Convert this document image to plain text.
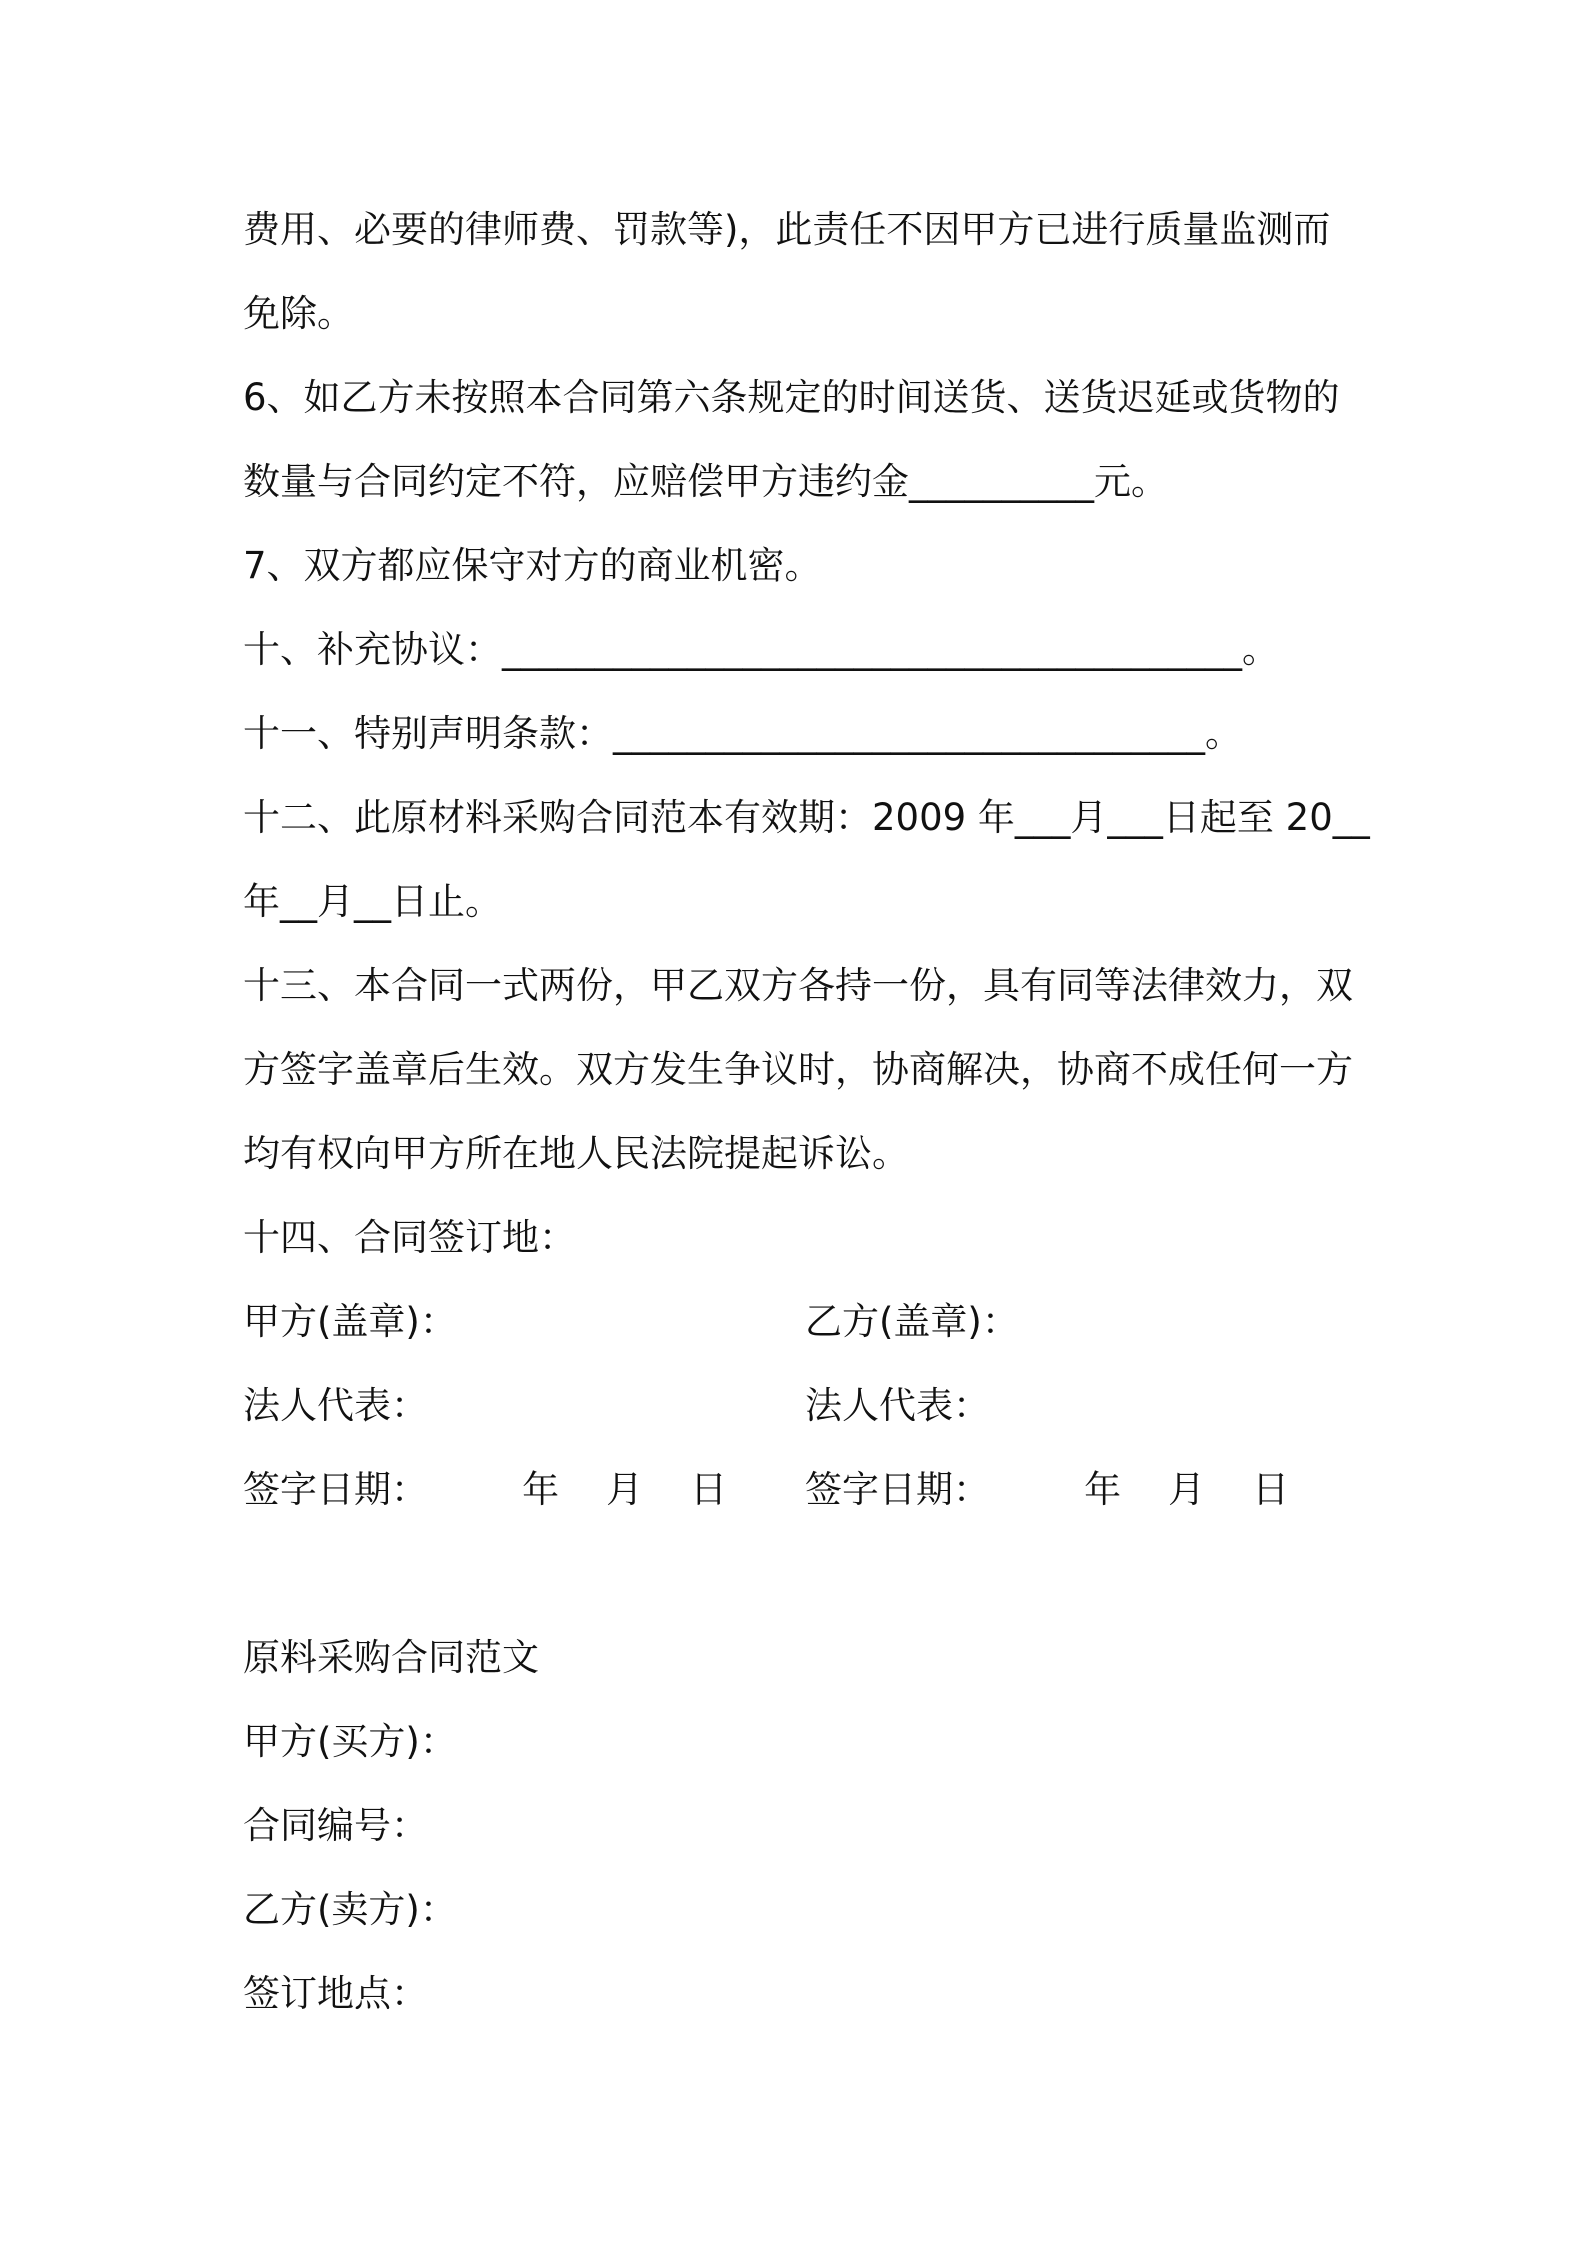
费用、必要的律师费、罚款等)，此责任不因甲方已进行质量监测而
免除。
6、如乙方未按照本合同第六条规定的时间送货、送货迟延或货物的
数量与合同约定不符，应赔偿甲方违约金__________元。
7、双方都应保守对方的商业机密。
十、补充协议：________________________________________。
十一、特别声明条款：________________________________。
十二、此原材料采购合同范本有效期：2009 年___月___日起至 20__
年__月__日止。
十三、本合同一式两份，甲乙双方各持一份，具有同等法律效力，双
方签字盖章后生效。双方发生争议时，协商解决，协商不成任何一方
均有权向甲方所在地人民法院提起诉讼。
十四、合同签订地：
甲方(盖章)：	乙方(盖章)：
法人代表：	法人代表：
签字日期：        年    月    日 签字日期：        年    月    日
原料采购合同范文
甲方(买方)：
合同编号：
乙方(卖方)：
签订地点：
